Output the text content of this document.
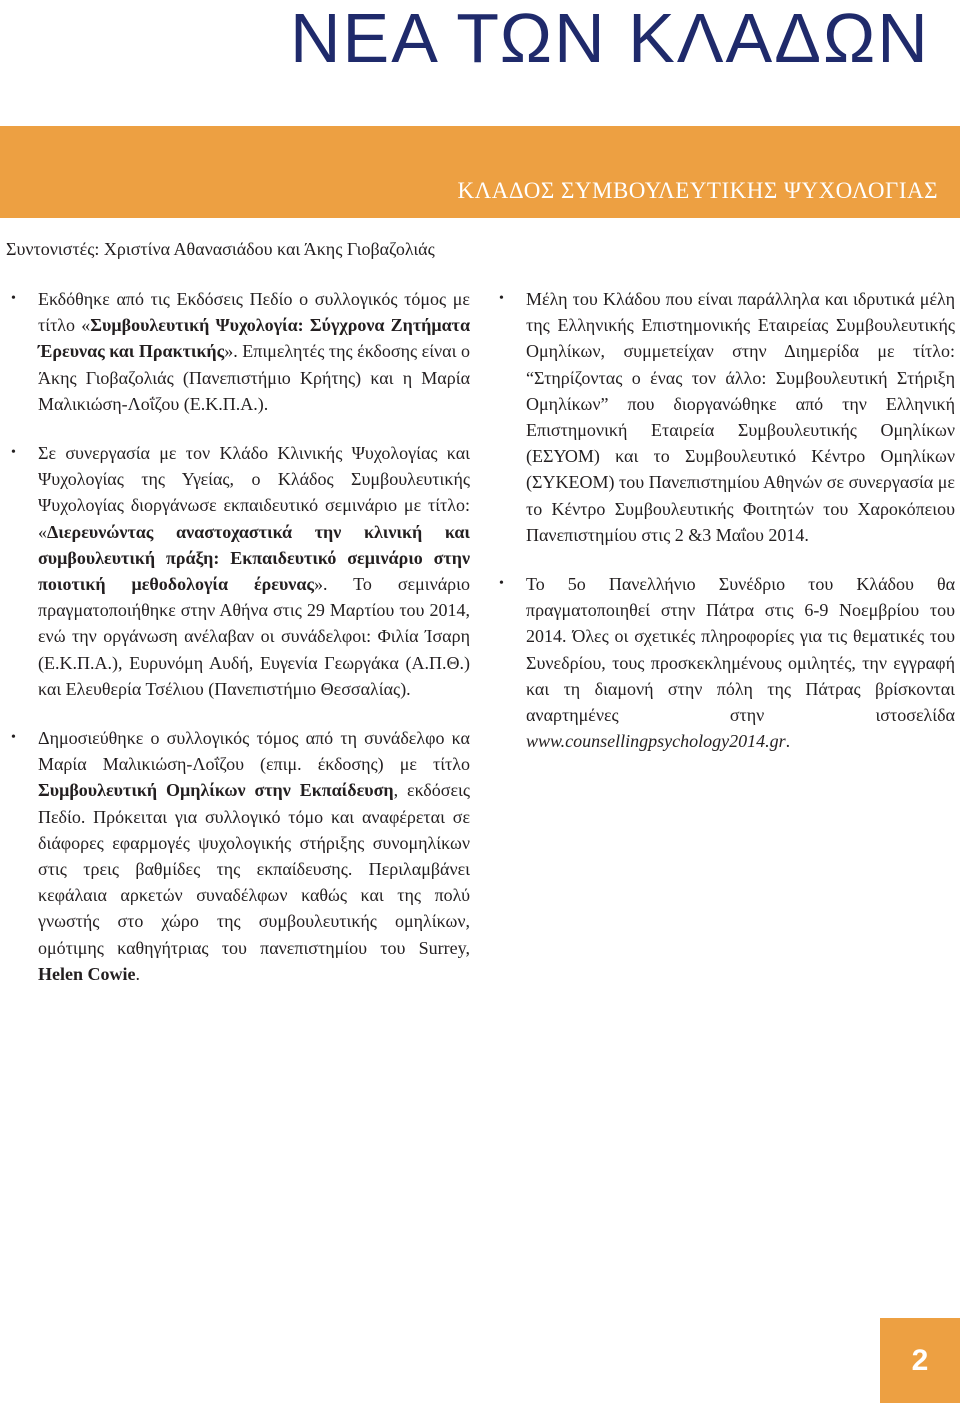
ΝΕΑ ΤΩΝ ΚΛΑΔΩΝ
ΚΛΑΔΟΣ ΣΥΜΒΟΥΛΕΥΤΙΚΗΣ ΨΥΧΟΛΟΓΙΑΣ

Συντονιστές: Χριστίνα Αθανασιάδου και Άκης Γιοβαζολιάς

• Εκδόθηκε από τις Εκδόσεις Πεδίο ο συλλογικός τόμος με τίτλο «Συμβουλευτική Ψυχολογία: Σύγχρονα Ζητήματα Έρευνας και Πρακτικής». Επιμελητές της έκδοσης είναι ο Άκης Γιοβαζολιάς (Πανεπιστήμιο Κρήτης) και η Μαρία Μαλικιώση-Λοΐζου (Ε.Κ.Π.Α.).
• Σε συνεργασία με τον Κλάδο Κλινικής Ψυχολογίας και Ψυχολογίας της Υγείας, ο Κλάδος Συμβουλευτικής Ψυχολογίας διοργάνωσε εκπαιδευτικό σεμινάριο με τίτλο: «Διερευνώντας αναστοχαστικά την κλινική και συμβουλευτική πράξη: Εκπαιδευτικό σεμινάριο στην ποιοτική μεθοδολογία έρευνας». Το σεμινάριο πραγματοποιήθηκε στην Αθήνα στις 29 Μαρτίου του 2014, ενώ την οργάνωση ανέλαβαν οι συνάδελφοι: Φιλία Ίσαρη (Ε.Κ.Π.Α.), Ευρυνόμη Αυδή, Ευγενία Γεωργάκα (Α.Π.Θ.) και Ελευθερία Τσέλιου (Πανεπιστήμιο Θεσσαλίας).
• Δημοσιεύθηκε ο συλλογικός τόμος από τη συνάδελφο κα Μαρία Μαλικιώση-Λοΐζου (επιμ. έκδοσης) με τίτλο Συμβουλευτική Ομηλίκων στην Εκπαίδευση, εκδόσεις Πεδίο. Πρόκειται για συλλογικό τόμο και αναφέρεται σε διάφορες εφαρμογές ψυχολογικής στήριξης συνομηλίκων στις τρεις βαθμίδες της εκπαίδευσης. Περιλαμβάνει κεφάλαια αρκετών συναδέλφων καθώς και της πολύ γνωστής στο χώρο της συμβουλευτικής ομηλίκων, ομότιμης καθηγήτριας του πανεπιστημίου του Surrey, Helen Cowie.
• Μέλη του Κλάδου που είναι παράλληλα και ιδρυτικά μέλη της Ελληνικής Επιστημονικής Εταιρείας Συμβουλευτικής Ομηλίκων, συμμετείχαν στην Διημερίδα με τίτλο: “Στηρίζοντας ο ένας τον άλλο: Συμβουλευτική Στήριξη Ομηλίκων” που διοργανώθηκε από την Ελληνική Επιστημονική Εταιρεία Συμβουλευτικής Ομηλίκων (ΕΣΥΟΜ) και το Συμβουλευτικό Κέντρο Ομηλίκων (ΣΥΚΕΟΜ) του Πανεπιστημίου Αθηνών σε συνεργασία με το Κέντρο Συμβουλευτικής Φοιτητών του Χαροκόπειου Πανεπιστημίου στις 2 &3 Μαΐου 2014.
• Το 5ο Πανελλήνιο Συνέδριο του Κλάδου θα πραγματοποιηθεί στην Πάτρα στις 6-9 Νοεμβρίου του 2014. Όλες οι σχετικές πληροφορίες για τις θεματικές του Συνεδρίου, τους προσκεκλημένους ομιλητές, την εγγραφή και τη διαμονή στην πόλη της Πάτρας βρίσκονται αναρτημένες στην ιστοσελίδα www.counsellingpsychology2014.gr.
2
